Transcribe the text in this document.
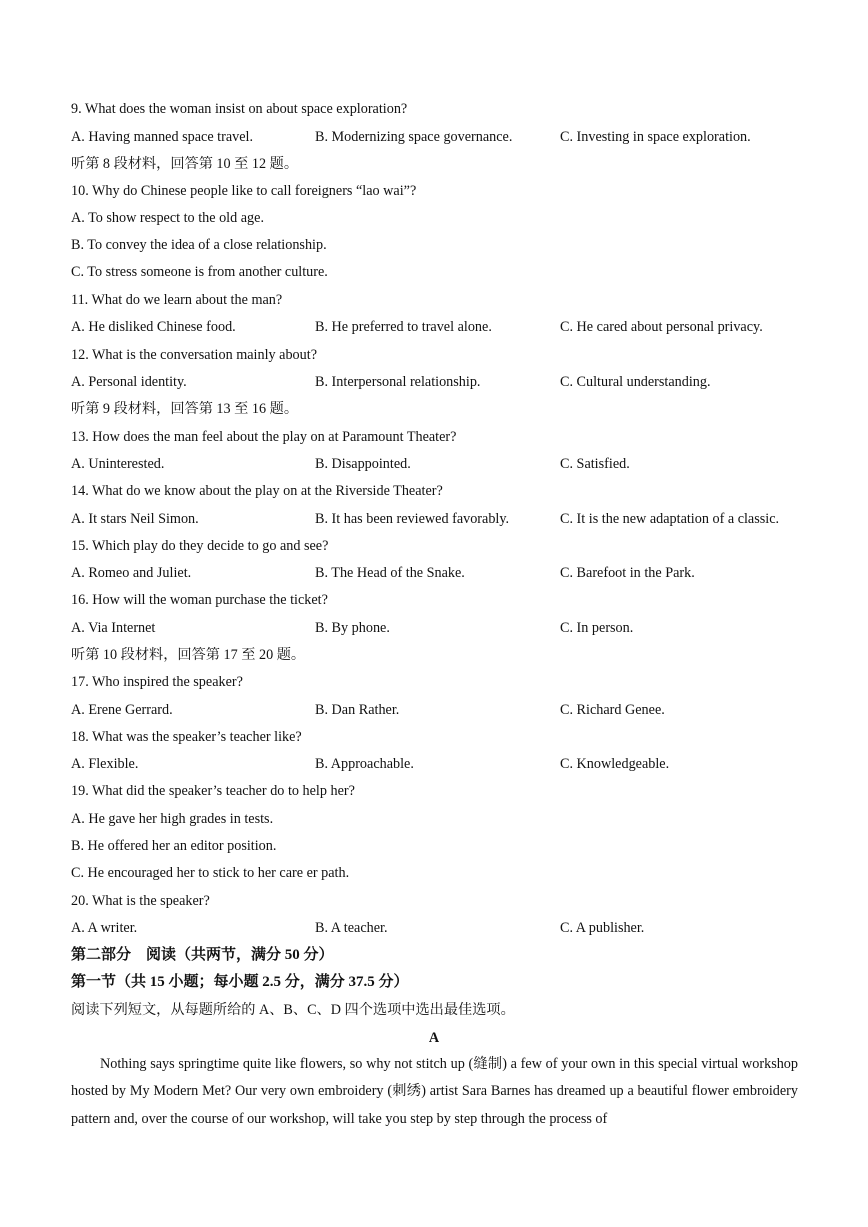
9. What does the woman insist on about space exploration?
A. Having manned space travel.	B. Modernizing space governance.	C. Investing in space exploration.
听第 8 段材料，回答第 10 至 12 题。
10. Why do Chinese people like to call foreigners “lao wai”?
A. To show respect to the old age.
B. To convey the idea of a close relationship.
C. To stress someone is from another culture.
11. What do we learn about the man?
A. He disliked Chinese food.	B. He preferred to travel alone.	C. He cared about personal privacy.
12. What is the conversation mainly about?
A. Personal identity.	B. Interpersonal relationship.	C. Cultural understanding.
听第 9 段材料，回答第 13 至 16 题。
13. How does the man feel about the play on at Paramount Theater?
A. Uninterested.	B. Disappointed.	C. Satisfied.
14. What do we know about the play on at the Riverside Theater?
A. It stars Neil Simon.	B. It has been reviewed favorably.	C. It is the new adaptation of a classic.
15. Which play do they decide to go and see?
A. Romeo and Juliet.	B. The Head of the Snake.	C. Barefoot in the Park.
16. How will the woman purchase the ticket?
A. Via Internet	B. By phone.	C. In person.
听第 10 段材料，回答第 17 至 20 题。
17. Who inspired the speaker?
A. Erene Gerrard.	B. Dan Rather.	C. Richard Genee.
18. What was the speaker’s teacher like?
A. Flexible.	B. Approachable.	C. Knowledgeable.
19. What did the speaker’s teacher do to help her?
A. He gave her high grades in tests.
B. He offered her an editor position.
C. He encouraged her to stick to her care er path.
20. What is the speaker?
A. A writer.	B. A teacher.	C. A publisher.
第二部分　阅读（共两节，满分 50 分）
第一节（共 15 小题；每小题 2.5 分，满分 37.5 分）
阅读下列短文，从每题所给的 A、B、C、D 四个选项中选出最佳选项。
A

Nothing says springtime quite like flowers, so why not stitch up (缝制) a few of your own in this special virtual workshop hosted by My Modern Met? Our very own embroidery (刺绣) artist Sara Barnes has dreamed up a beautiful flower embroidery pattern and, over the course of our workshop, will take you step by step through the process of
